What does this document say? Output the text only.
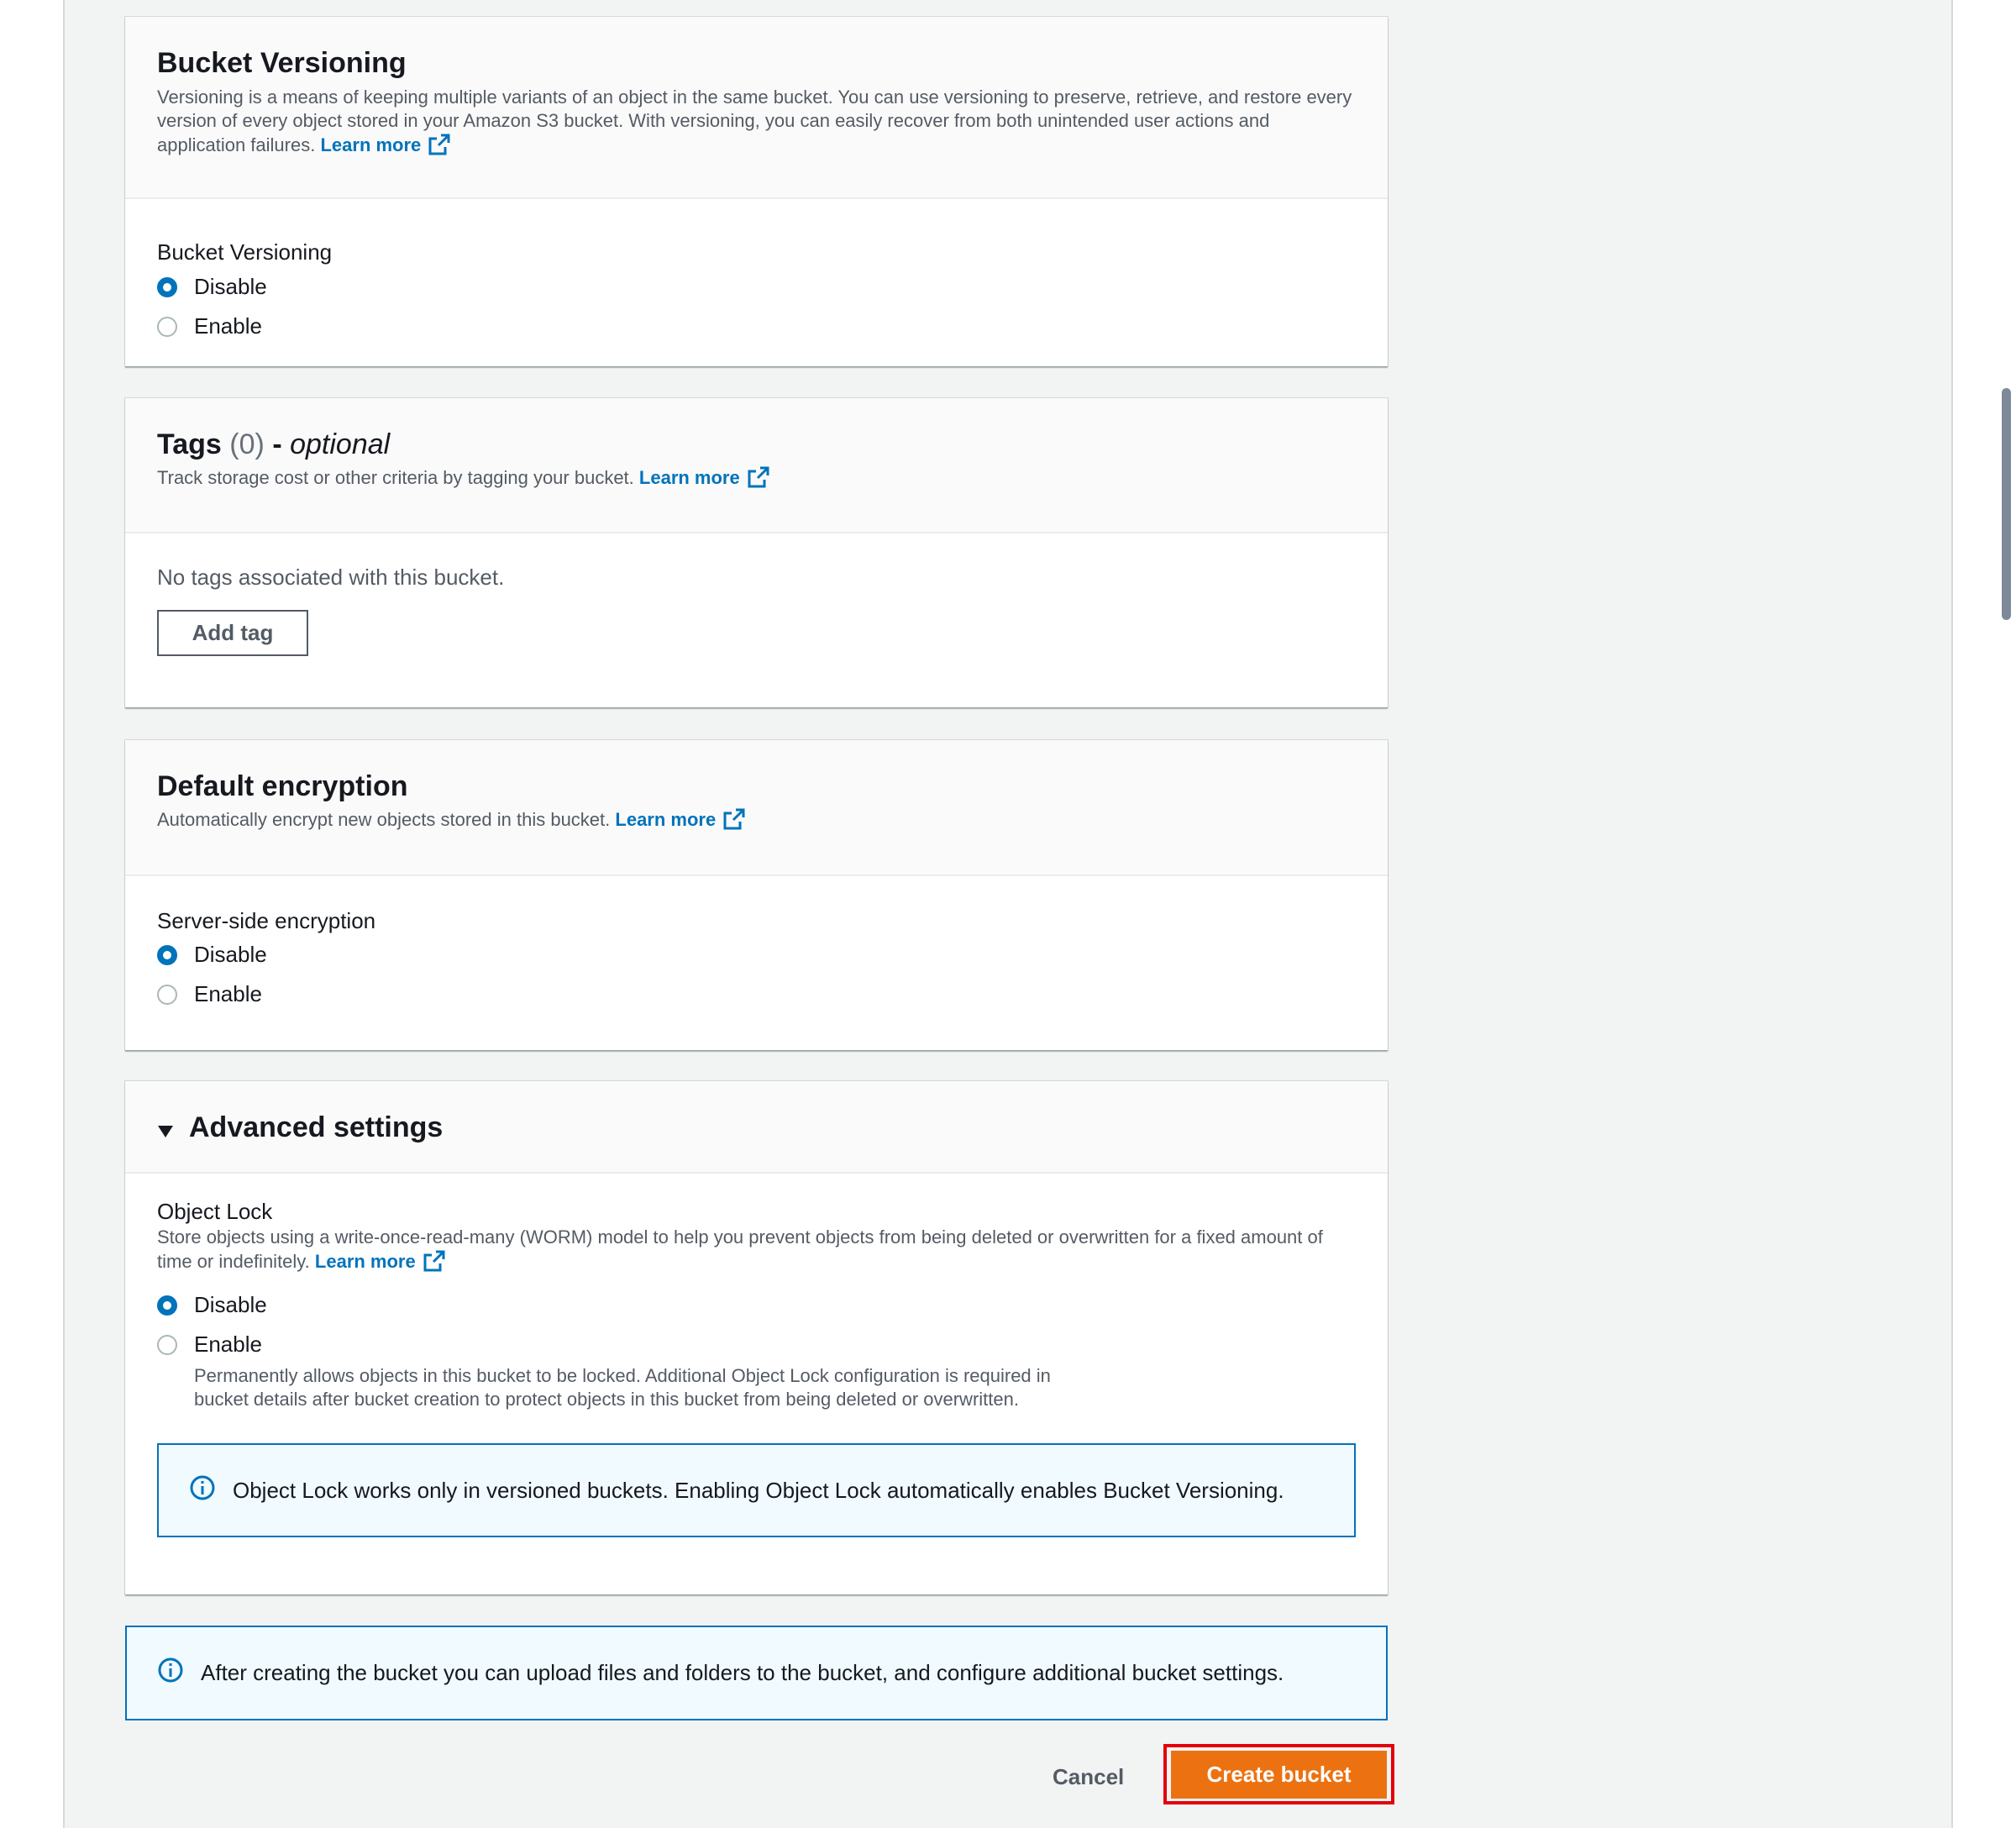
Bucket Versioning

Versioning is a means of keeping multiple variants of an object in the same bucket. You can use versioning to preserve, retrieve, and restore every version of every object stored in your Amazon S3 bucket. With versioning, you can easily recover from both unintended user actions and application failures. Learn more

Bucket Versioning

Disable
Enable
Tags (0) - optional

Track storage cost or other criteria by tagging your bucket. Learn more

No tags associated with this bucket.

Add tag
Default encryption

Automatically encrypt new objects stored in this bucket. Learn more

Server-side encryption

Disable
Enable
Advanced settings

Object Lock

Store objects using a write-once-read-many (WORM) model to help you prevent objects from being deleted or overwritten for a fixed amount of time or indefinitely. Learn more

Disable
Enable
Permanently allows objects in this bucket to be locked. Additional Object Lock configuration is required in bucket details after bucket creation to protect objects in this bucket from being deleted or overwritten.
Object Lock works only in versioned buckets. Enabling Object Lock automatically enables Bucket Versioning.
After creating the bucket you can upload files and folders to the bucket, and configure additional bucket settings.
Cancel	Create bucket
